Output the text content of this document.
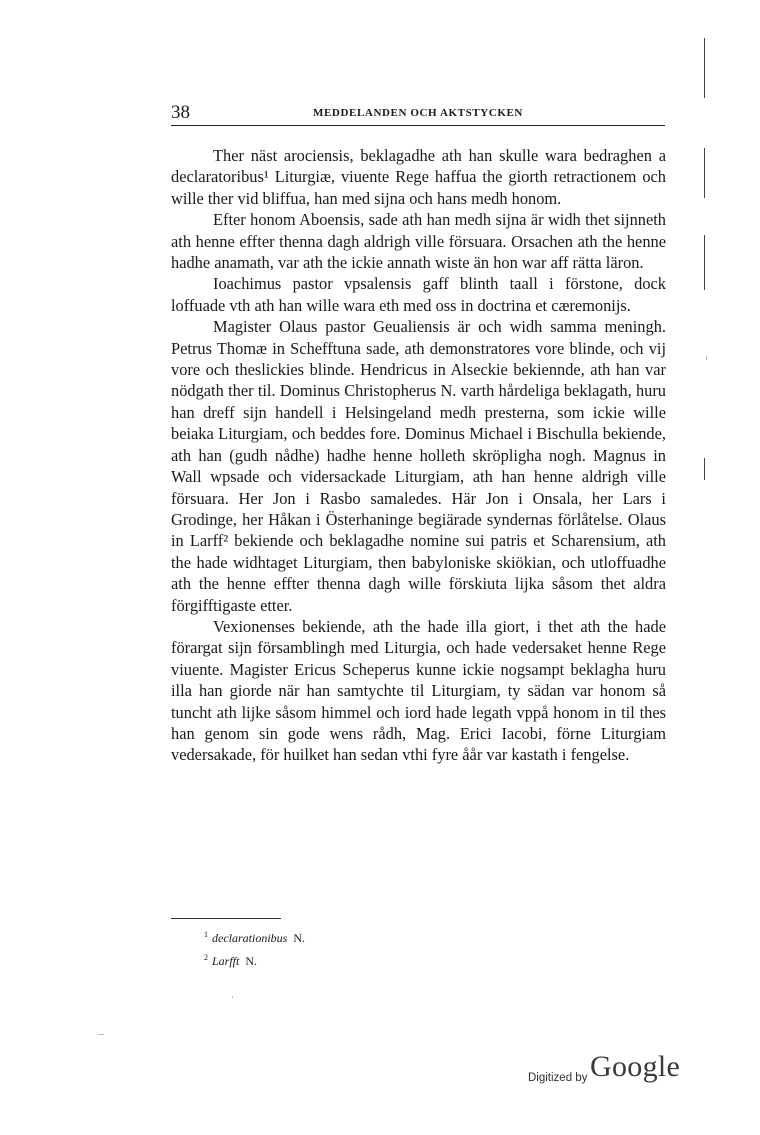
38	MEDDELANDEN OCH AKTSTYCKEN

Ther näst arociensis, beklagadhe ath han skulle wara bedraghen a declaratoribus¹ Liturgiæ, viuente Rege haffua the giorth retractionem och wille ther vid bliffua, han med sijna och hans medh honom.

Efter honom Aboensis, sade ath han medh sijna är widh thet sijnneth ath henne effter thenna dagh aldrigh ville försuara. Orsachen ath the henne hadhe anamath, var ath the ickie annath wiste än hon war aff rätta läron.

Ioachimus pastor vpsalensis gaff blinth taall i förstone, dock loffuade vth ath han wille wara eth med oss in doctrina et cæremonijs.

Magister Olaus pastor Geualiensis är och widh samma meningh. Petrus Thomæ in Schefftuna sade, ath demonstratores vore blinde, och vij vore och theslickies blinde. Hendricus in Alseckie bekiennde, ath han var nödgath ther til. Dominus Christopherus N. varth hårdeliga beklagath, huru han dreff sijn handell i Helsingeland medh presterna, som ickie wille beiaka Liturgiam, och beddes fore. Dominus Michael i Bischulla bekiende, ath han (gudh nådhe) hadhe henne holleth skröpligha nogh. Magnus in Wall wpsade och vidersackade Liturgiam, ath han henne aldrigh ville försuara. Her Jon i Rasbo samaledes. Här Jon i Onsala, her Lars i Grodinge, her Håkan i Österhaninge begiärade syndernas förlåtelse. Olaus in Larff² bekiende och beklagadhe nomine sui patris et Scharensium, ath the hade widhtaget Liturgiam, then babyloniske skiökian, och utloffuadhe ath the henne effter thenna dagh wille förskiuta lijka såsom thet aldra förgifftigaste etter.

Vexionenses bekiende, ath the hade illa giort, i thet ath the hade förargat sijn församblingh med Liturgia, och hade vedersaket henne Rege viuente. Magister Ericus Scheperus kunne ickie nogsampt beklagha huru illa han giorde när han samtychte til Liturgiam, ty sädan var honom så tuncht ath lijke såsom himmel och iord hade legath vppå honom in til thes han genom sin gode wens rådh, Mag. Erici Iacobi, förne Liturgiam vedersakade, för huilket han sedan vthi fyre åår var kastath i fengelse.

$^1$ declarationibus N.
$^2$ Larfft N.
Digitized by Google
